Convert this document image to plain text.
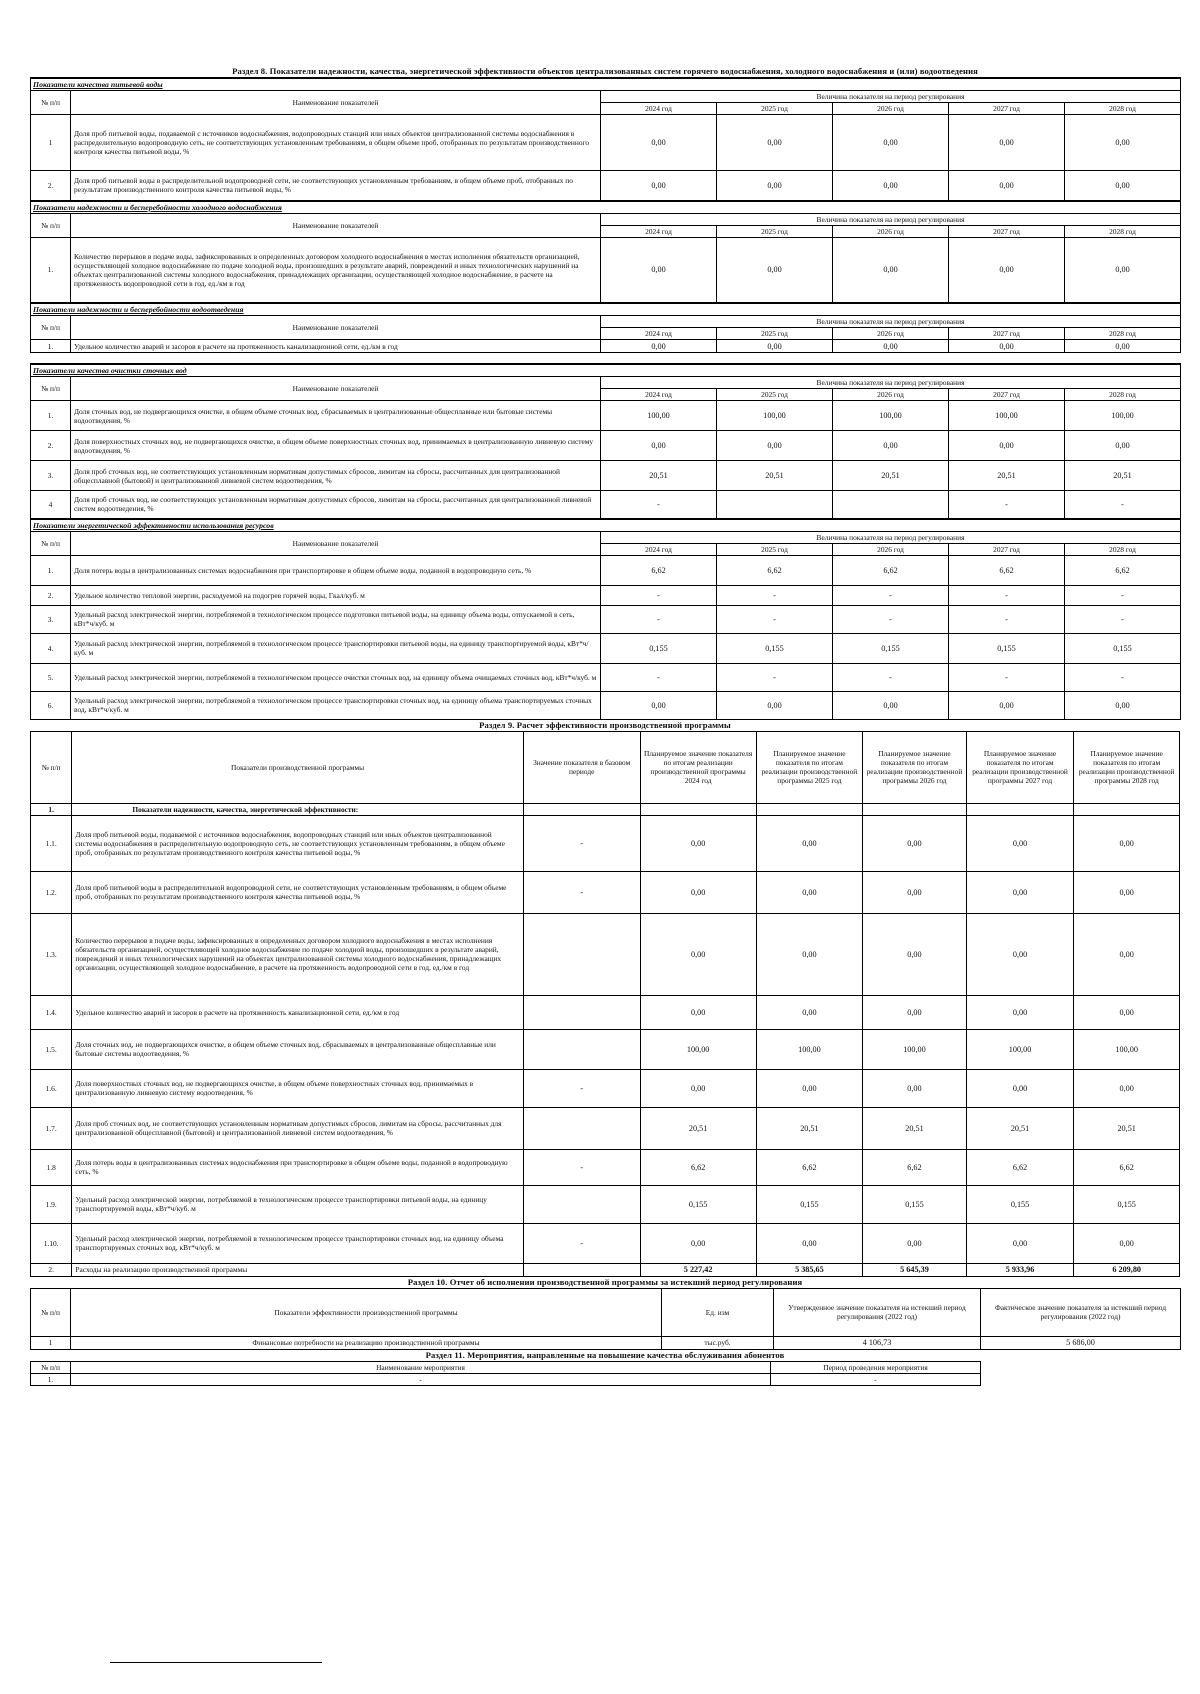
Раздел 8. Показатели надежности, качества, энергетической эффективности объектов централизованных систем горячего водоснабжения, холодного водоснабжения и (или) водоотведения
Показатели качества питьевой воды						
№ п/п	Наименование показателей	Величина показателя на период регулирования				
		2024 год	2025 год	2026 год	2027 год	2028 год
1	Доля проб питьевой воды, подаваемой с источников водоснабжения, водопроводных станций или иных объектов централизованной системы водоснабжения в распределительную водопроводную сеть, не соответствующих установленным требованиям, в общем объеме проб, отобранных по результатам производственного контроля качества питьевой воды, %	0,00	0,00	0,00	0,00	0,00
2.	Доля проб питьевой воды в распределительной водопроводной сети, не соответствующих установленным требованиям, в общем объеме проб, отобранных по результатам производственного контроля качества питьевой воды, %	0,00	0,00	0,00	0,00	0,00
Показатели надежности и бесперебойности холодного водоснабжения						
№ п/п	Наименование показателей	Величина показателя на период регулирования				
		2024 год	2025 год	2026 год	2027 год	2028 год
1.	Количество перерывов в подаче воды, зафиксированных в определенных договором холодного водоснабжения в местах исполнения обязательств организацией, осуществляющей холодное водоснабжение по подаче холодной воды, произошедших в результате аварий, повреждений и иных технологических нарушений на объектах централизованной системы холодного водоснабжения, принадлежащих организации, осуществляющей холодное водоснабжение, в расчете на протяженность водопроводной сети в год, ед./км в год	0,00	0,00	0,00	0,00	0,00
Показатели надежности и бесперебойности водоотведения						
№ п/п	Наименование показателей	Величина показателя на период регулирования				
		2024 год	2025 год	2026 год	2027 год	2028 год
1.	Удельное количество аварий и засоров в расчете на протяженность канализационной сети, ед./км в год	0,00	0,00	0,00	0,00	0,00

Показатели качества очистки сточных вод						
№ п/п	Наименование показателей	Величина показателя на период регулирования				
		2024 год	2025 год	2026 год	2027 год	2028 год
1.	Доля сточных вод, не подвергающихся очистке, в общем объеме сточных вод, сбрасываемых в централизованные общесплавные или бытовые системы водоотведения, %	100,00	100,00	100,00	100,00	100,00
2.	Доля поверхностных сточных вод, не подвергающихся очистке, в общем объеме поверхностных сточных вод, принимаемых в централизованную ливневую систему водоотведения, %	0,00	0,00	0,00	0,00	0,00
3.	Доля проб сточных вод, не соответствующих установленным нормативам допустимых сбросов, лимитам на сбросы, рассчитанных для централизованной общесплавной (бытовой) и централизованной ливневой систем водоотведения, %	20,51	20,51	20,51	20,51	20,51
4	Доля проб сточных вод, не соответствующих установленным нормативам допустимых сбросов, лимитам на сбросы, рассчитанных для централизованной ливневой систем водоотведения, %	-			-	-
Показатели энергетической эффективности использования ресурсов						
№ п/п	Наименование показателей	Величина показателя на период регулирования				
		2024 год	2025 год	2026 год	2027 год	2028 год
1.	Доля потерь воды в централизованных системах водоснабжения при транспортировке в общем объеме воды, поданной в водопроводную сеть, %	6,62	6,62	6,62	6,62	6,62
2.	Удельное количество тепловой энергии, расходуемой на подогрев горячей воды, Гкал/куб. м	-	-	-	-	-
3.	Удельный расход электрической энергии, потребляемой в технологическом процессе подготовки питьевой воды, на единицу объема воды, отпускаемой в сеть, кВт*ч/куб. м	-	-	-	-	-
4.	Удельный расход электрической энергии, потребляемой в технологическом процессе транспортировки питьевой воды, на единицу транспортируемой воды, кВт*ч/куб. м	0,155	0,155	0,155	0,155	0,155
5.	Удельный расход электрической энергии, потребляемой в технологическом процессе очистки сточных вод, на единицу объема очищаемых сточных вод, кВт*ч/куб. м	-	-	-	-	-
6.	Удельный расход электрической энергии, потребляемой в технологическом процессе транспортировки сточных вод, на единицу объема транспортируемых сточных вод, кВт*ч/куб. м	0,00	0,00	0,00	0,00	0,00
Раздел 9. Расчет эффективности производственной программы
№ п/п	Показатели производственной программы	Значение показателя в базовом периоде	Планируемое значение показателя по итогам реализации производственной программы 2024 год	Планируемое значение показателя по итогам реализации производственной программы 2025 год	Планируемое значение показателя по итогам реализации производственной программы 2026 год	Планируемое значение показателя по итогам реализации производственной программы 2027 год	Планируемое значение показателя по итогам реализации производственной программы 2028 год
1.	Показатели надежности, качества, энергетической эффективности:						
1.1.	Доля проб питьевой воды, подаваемой с источников водоснабжения, водопроводных станций или иных объектов централизованной системы водоснабжения в распределительную водопроводную сеть, не соответствующих установленным требованиям, в общем объеме проб, отобранных по результатам производственного контроля качества питьевой воды, %	-	0,00	0,00	0,00	0,00	0,00
1.2.	Доля проб питьевой воды в распределительной водопроводной сети, не соответствующих установленным требованиям, в общем объеме проб, отобранных по результатам производственного контроля качества питьевой воды, %	-	0,00	0,00	0,00	0,00	0,00
1.3.	Количество перерывов в подаче воды, зафиксированных в определенных договором холодного водоснабжения в местах исполнения обязательств организацией, осуществляющей холодное водоснабжение по подаче холодной воды, произошедших в результате аварий, повреждений и иных технологических нарушений на объектах централизованной системы холодного водоснабжения, принадлежащих организации, осуществляющей холодное водоснабжение, в расчете на протяженность водопроводной сети в год, ед./км в год		0,00	0,00	0,00	0,00	0,00
1.4.	Удельное количество аварий и засоров в расчете на протяженность канализационной сети, ед./км в год		0,00	0,00	0,00	0,00	0,00
1.5.	Доля сточных вод, не подвергающихся очистке, в общем объеме сточных вод, сбрасываемых в централизованные общесплавные или бытовые системы водоотведения, %		100,00	100,00	100,00	100,00	100,00
1.6.	Доля поверхностных сточных вод, не подвергающихся очистке, в общем объеме поверхностных сточных вод, принимаемых в централизованную ливневую систему водоотведения, %	-	0,00	0,00	0,00	0,00	0,00
1.7.	Доля проб сточных вод, не соответствующих установленным нормативам допустимых сбросов, лимитам на сбросы, рассчитанных для централизованной общесплавной (бытовой) и централизованной ливневой систем водоотведения, %		20,51	20,51	20,51	20,51	20,51
1.8	Доля потерь воды в централизованных системах водоснабжения при транспортировке в общем объеме воды, поданной в водопроводную сеть, %	-	6,62	6,62	6,62	6,62	6,62
1.9.	Удельный расход электрической энергии, потребляемой в технологическом процессе транспортировки питьевой воды, на единицу транспортируемой воды, кВт*ч/куб. м		0,155	0,155	0,155	0,155	0,155
1.10.	Удельный расход электрической энергии, потребляемой в технологическом процессе транспортировки сточных вод, на единицу объема транспортируемых сточных вод, кВт*ч/куб. м	-	0,00	0,00	0,00	0,00	0,00
2.	Расходы на реализацию производственной программы		5 227,42	5 385,65	5 645,39	5 933,96	6 209,80
Раздел 10. Отчет об исполнении производственной программы за истекший период регулирования
№ п/п	Показатели эффективности производственной программы	Ед. изм	Утвержденное значение показателя на истекший период регулирования (2022 год)	Фактическое значение показателя за истекший период регулирования (2022 год)
1	Финансовые потребности на реализацию производственной программы	тыс.руб.	4 106,73	5 686,00
Раздел 11. Мероприятия, направленные на повышение качества обслуживания абонентов
№ п/п	Наименование мероприятия	Период проведения мероприятия
1.	-	-
